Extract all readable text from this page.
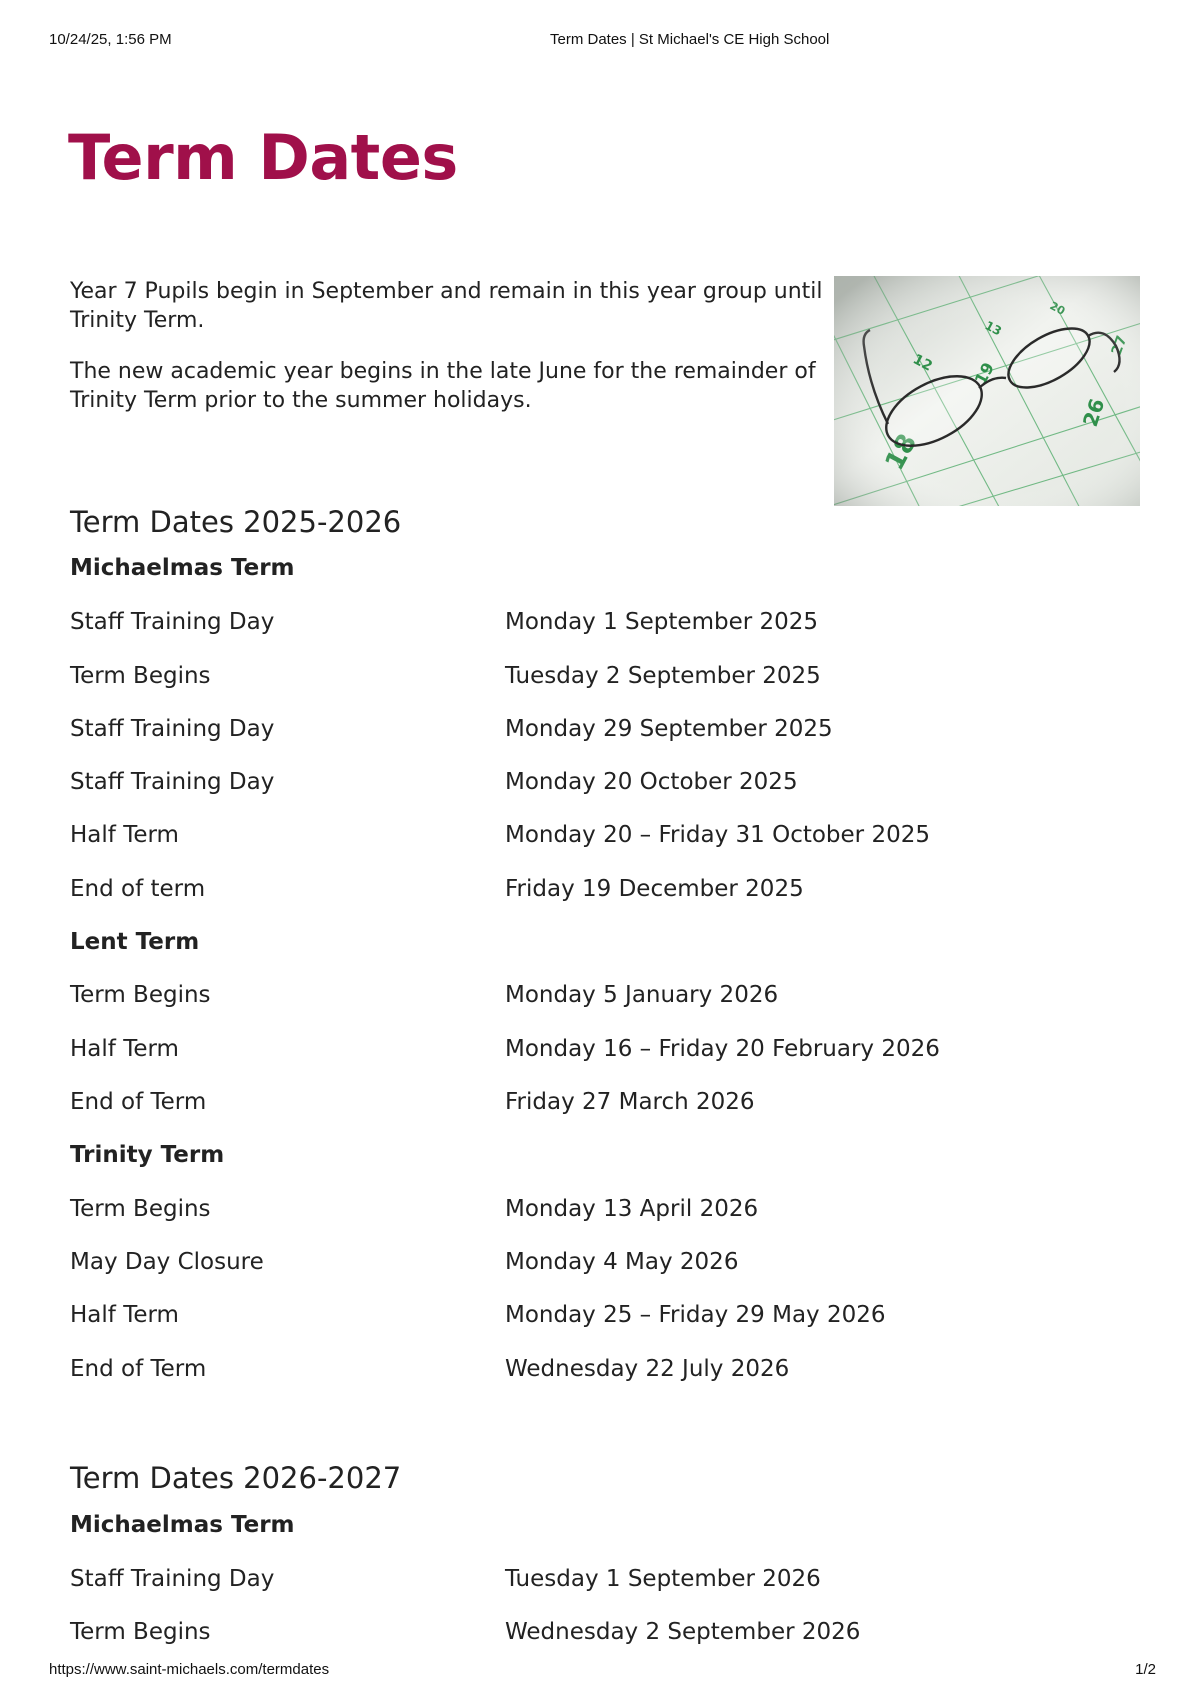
10/24/25, 1:56 PM	Term Dates | St Michael's CE High School
Term Dates

Year 7 Pupils begin in September and remain in this year group until Trinity Term.

The new academic year begins in the late June for the remainder of Trinity Term prior to the summer holidays.

Term Dates 2025-2026
Michaelmas Term
Staff Training Day	Monday 1 September 2025
Term Begins	Tuesday 2 September 2025
Staff Training Day	Monday 29 September 2025
Staff Training Day	Monday 20 October 2025
Half Term	Monday 20 – Friday 31 October 2025
End of term	Friday 19 December 2025
Lent Term
Term Begins	Monday 5 January 2026
Half Term	Monday 16 – Friday 20 February 2026
End of Term	Friday 27 March 2026
Trinity Term
Term Begins	Monday 13 April 2026
May Day Closure	Monday 4 May 2026
Half Term	Monday 25 – Friday 29 May 2026
End of Term	Wednesday 22 July 2026
Term Dates 2026-2027
Michaelmas Term
Staff Training Day	Tuesday 1 September 2026
Term Begins	Wednesday 2 September 2026
https://www.saint-michaels.com/termdates	1/2
